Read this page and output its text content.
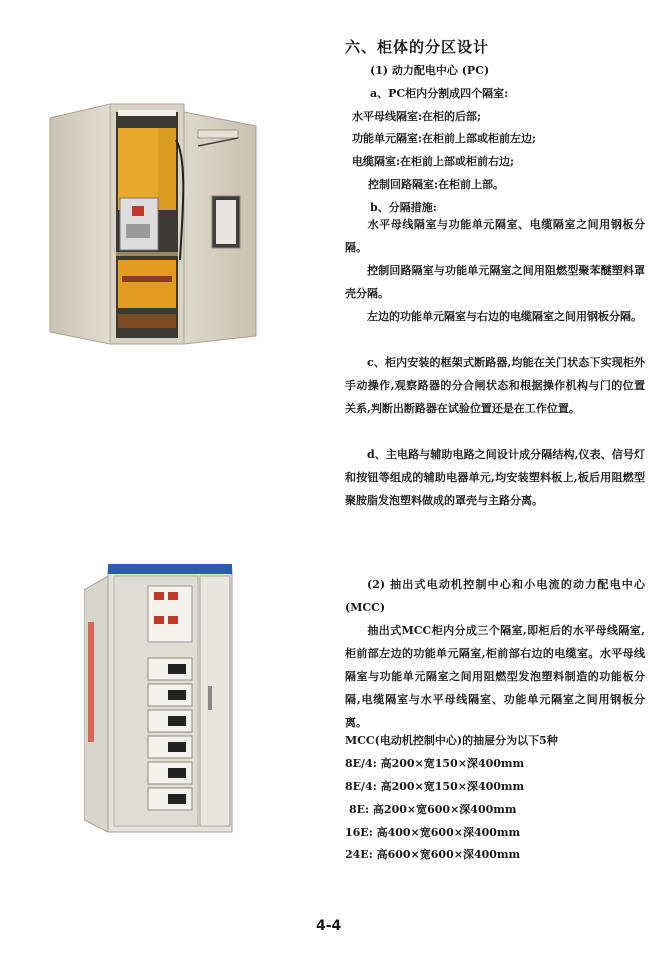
六、柜体的分区设计
(1) 动力配电中心 (PC)
a、PC柜内分割成四个隔室:
水平母线隔室:在柜的后部;
功能单元隔室:在柜前上部或柜前左边;
电缆隔室:在柜前上部或柜前右边;
控制回路隔室:在柜前上部。
b、分隔措施:
水平母线隔室与功能单元隔室、电缆隔室之间用钢板分隔。
控制回路隔室与功能单元隔室之间用阻燃型聚苯醚塑料罩壳分隔。
左边的功能单元隔室与右边的电缆隔室之间用钢板分隔。
c、柜内安装的框架式断路器,均能在关门状态下实现柜外手动操作,观察路器的分合闸状态和根据操作机构与门的位置关系,判断出断路器在试验位置还是在工作位置。
d、主电路与辅助电路之间设计成分隔结构,仪表、信号灯和按钮等组成的辅助电器单元,均安装塑料板上,板后用阻燃型聚胺脂发泡塑料做成的罩壳与主路分离。
(2) 抽出式电动机控制中心和小电流的动力配电中心 (MCC)
抽出式MCC柜内分成三个隔室,即柜后的水平母线隔室,柜前部左边的功能单元隔室,柜前部右边的电缆室。水平母线隔室与功能单元隔室之间用阻燃型发泡塑料制造的功能板分隔,电缆隔室与水平母线隔室、功能单元隔室之间用钢板分离。
MCC(电动机控制中心)的抽屉分为以下5种
8E/4: 高200×宽150×深400mm
8E/4: 高200×宽150×深400mm
8E: 高200×宽600×深400mm
16E: 高400×宽600×深400mm
24E: 高600×宽600×深400mm
4-4
